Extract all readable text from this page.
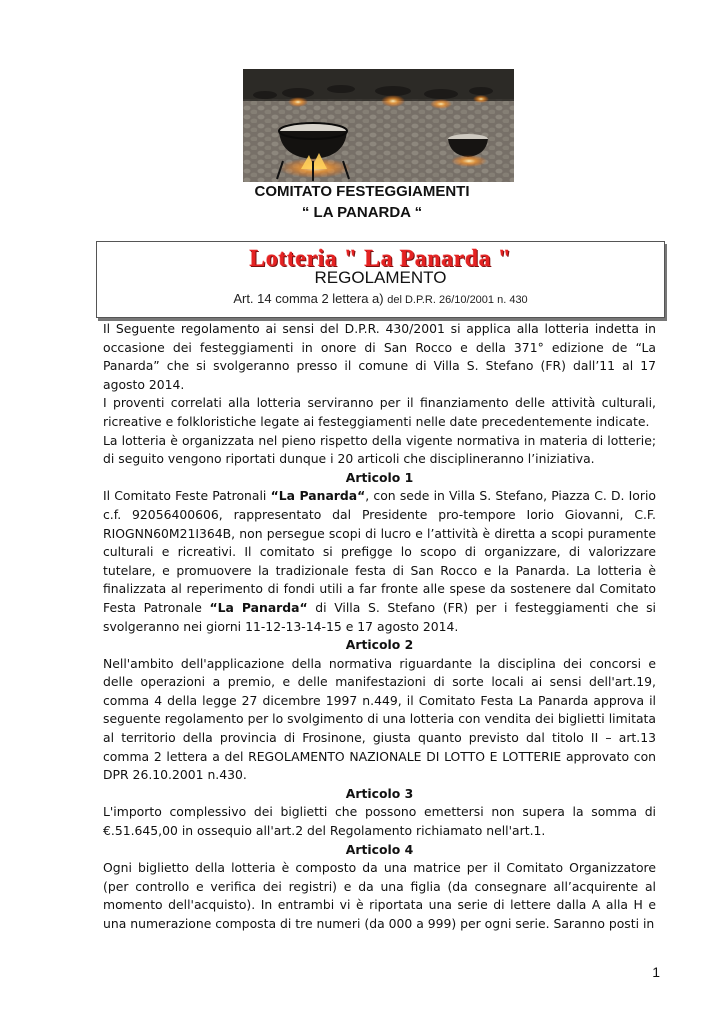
COMITATO FESTEGGIAMENTI
“ LA PANARDA “
Lotteria " La Panarda "
REGOLAMENTO
Art. 14 comma 2 lettera a) del D.P.R. 26/10/2001 n. 430

Il Seguente regolamento ai sensi del D.P.R. 430/2001 si applica alla lotteria indetta in occasione dei festeggiamenti in onore di San Rocco e della 371° edizione de “La Panarda” che si svolgeranno presso il comune di Villa S. Stefano (FR) dall’11 al 17 agosto 2014.

I proventi correlati alla lotteria serviranno per il finanziamento delle attività culturali, ricreative e folkloristiche legate ai festeggiamenti nelle date precedentemente indicate.

La lotteria è organizzata nel pieno rispetto della vigente normativa in materia di lotterie; di seguito vengono riportati dunque i 20 articoli che disciplineranno l’iniziativa.

Articolo 1

Il Comitato Feste Patronali “La Panarda“, con sede in Villa S. Stefano, Piazza C. D. Iorio c.f. 92056400606, rappresentato dal Presidente pro-tempore Iorio Giovanni, C.F. RIOGNN60M21I364B, non persegue scopi di lucro e l’attività è diretta a scopi puramente culturali e ricreativi. Il comitato si prefigge lo scopo di organizzare, di valorizzare tutelare, e promuovere la tradizionale festa di San Rocco e la Panarda. La lotteria è finalizzata al reperimento di fondi utili a far fronte alle spese da sostenere dal Comitato Festa Patronale “La Panarda“ di Villa S. Stefano (FR) per i festeggiamenti che si svolgeranno nei giorni 11-12-13-14-15 e 17 agosto 2014.

Articolo 2

Nell'ambito dell'applicazione della normativa riguardante la disciplina dei concorsi e delle operazioni a premio, e delle manifestazioni di sorte locali ai sensi dell'art.19, comma 4 della legge 27 dicembre 1997 n.449, il Comitato Festa La Panarda approva il seguente regolamento per lo svolgimento di una lotteria con vendita dei biglietti limitata al territorio della provincia di Frosinone, giusta quanto previsto dal titolo II – art.13 comma 2 lettera a del REGOLAMENTO NAZIONALE DI LOTTO E LOTTERIE approvato con DPR 26.10.2001 n.430.

Articolo 3

L'importo complessivo dei biglietti che possono emettersi non supera la somma di €.51.645,00 in ossequio all'art.2 del Regolamento richiamato nell'art.1.

Articolo 4

Ogni biglietto della lotteria è composto da una matrice per il Comitato Organizzatore (per controllo e verifica dei registri) e da una figlia (da consegnare all’acquirente al momento dell'acquisto). In entrambi vi è riportata una serie di lettere dalla A alla H e una numerazione composta di tre numeri (da 000 a 999) per ogni serie. Saranno posti in

1
